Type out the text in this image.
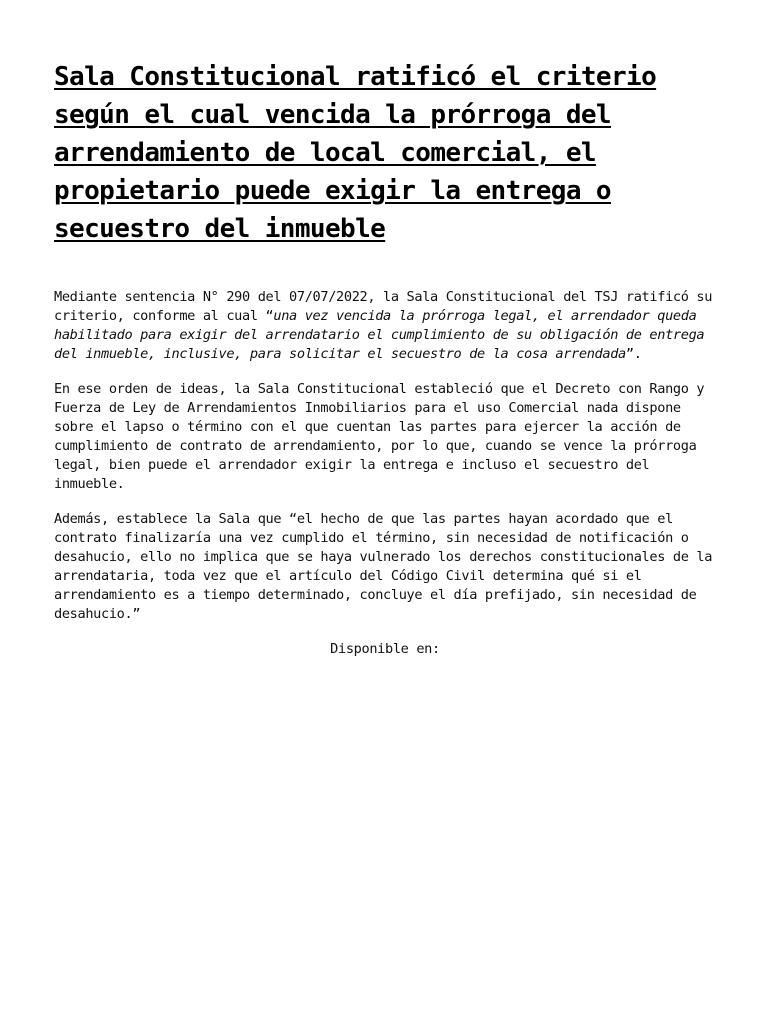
Sala Constitucional ratificó el criterio según el cual vencida la prórroga del arrendamiento de local comercial, el propietario puede exigir la entrega o secuestro del inmueble

Mediante sentencia N° 290 del 07/07/2022, la Sala Constitucional del TSJ ratificó su criterio, conforme al cual “una vez vencida la prórroga legal, el arrendador queda habilitado para exigir del arrendatario el cumplimiento de su obligación de entrega del inmueble, inclusive, para solicitar el secuestro de la cosa arrendada”.

En ese orden de ideas, la Sala Constitucional estableció que el Decreto con Rango y Fuerza de Ley de Arrendamientos Inmobiliarios para el uso Comercial nada dispone sobre el lapso o término con el que cuentan las partes para ejercer la acción de cumplimiento de contrato de arrendamiento, por lo que, cuando se vence la prórroga legal, bien puede el arrendador exigir la entrega e incluso el secuestro del inmueble.

Además, establece la Sala que “el hecho de que las partes hayan acordado que el contrato finalizaría una vez cumplido el término, sin necesidad de notificación o desahucio, ello no implica que se haya vulnerado los derechos constitucionales de la arrendataria, toda vez que el artículo del Código Civil determina qué si el arrendamiento es a tiempo determinado, concluye el día prefijado, sin necesidad de desahucio.”

Disponible en:
